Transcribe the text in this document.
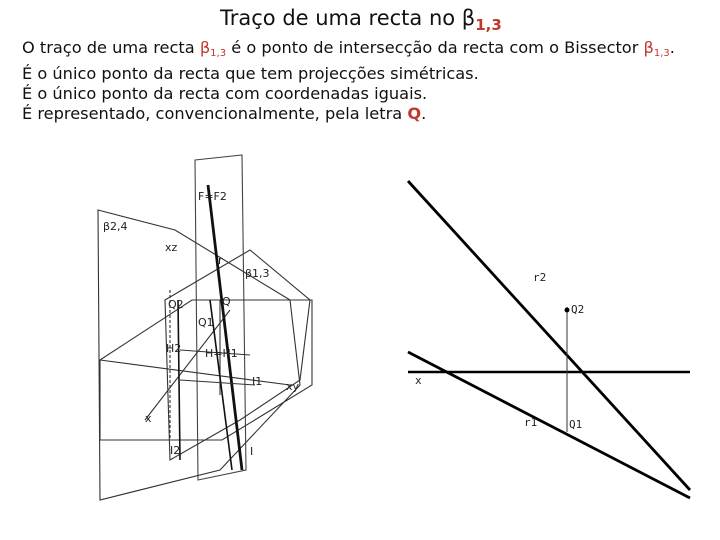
Traço de uma recta no $\beta_{1,3}$
O traço de uma recta $\beta_{1,3}$ é o ponto de intersecção da recta com o Bissector $\beta_{1,3}$.
É o único ponto da recta que tem projecções simétricas.
É o único ponto da recta com coordenadas iguais.
É representado, convencionalmente, pela letra Q.
β2,4
xz
β1,3
r
F=F2
Q
Q2
Q1
H2 H=H1
I1 xy
x
I2	I
r2
Q2
x
r1	Q1
